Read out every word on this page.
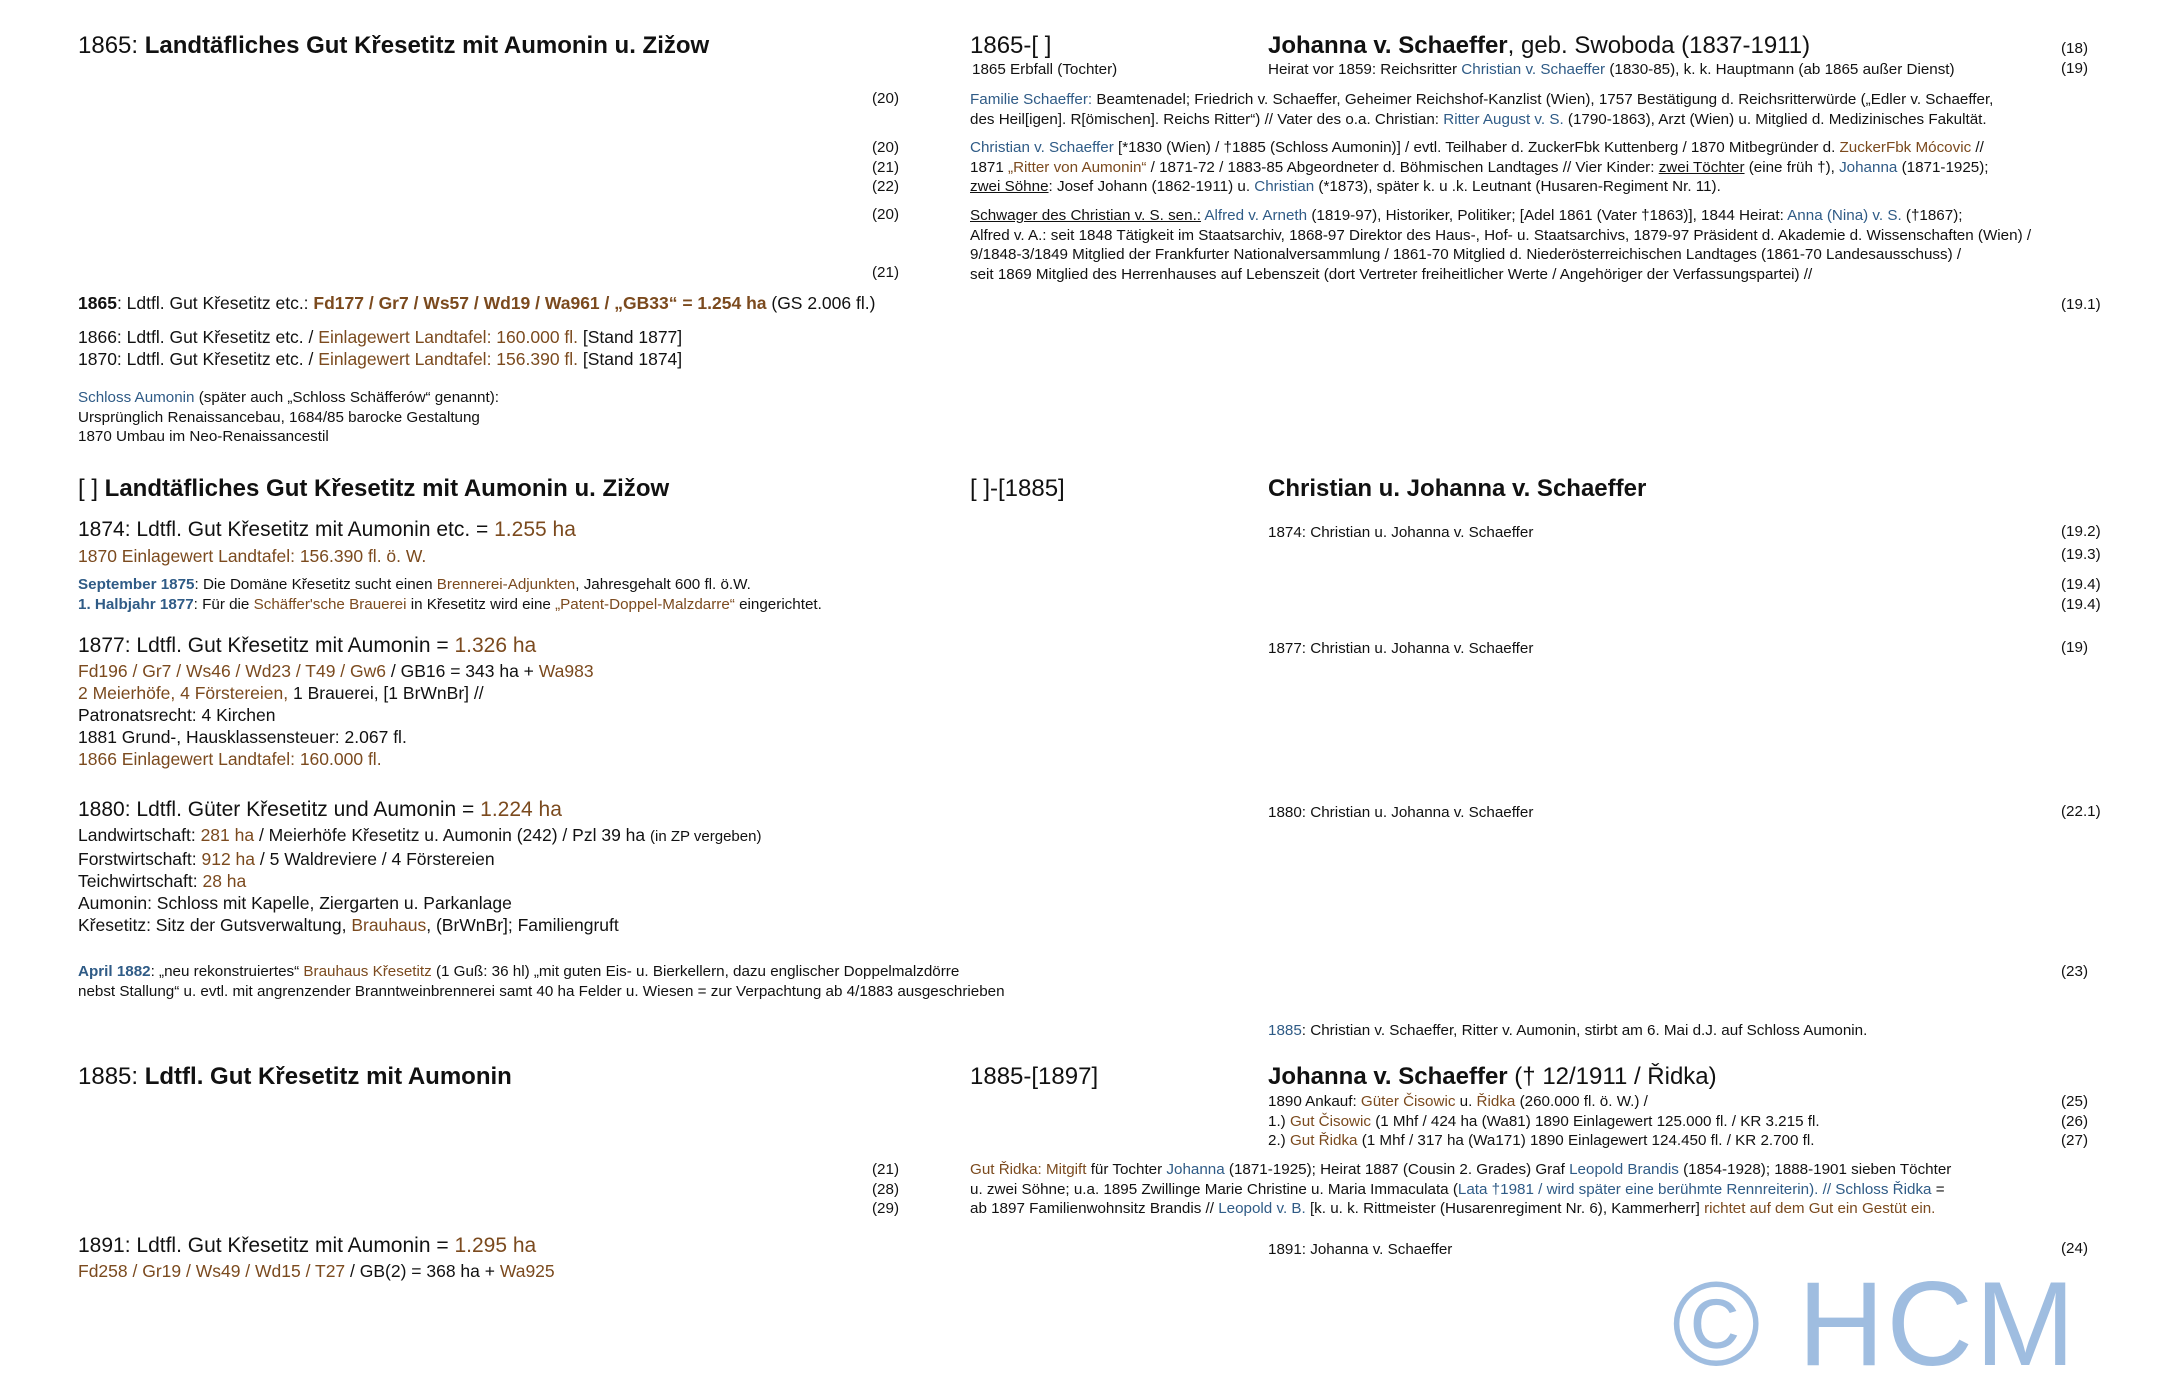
1865: Landtäfliches Gut Křesetitz mit Aumonin u. Zižow	1865-[ ]	Johanna v. Schaeffer, geb. Swoboda (1837-1911)	(18)
1865 Erbfall (Tochter)	Heirat vor 1859: Reichsritter Christian v. Schaeffer (1830-85), k. k. Hauptmann (ab 1865 außer Dienst)	(19)
(20)	Familie Schaeffer: Beamtenadel; Friedrich v. Schaeffer, Geheimer Reichshof-Kanzlist (Wien), 1757 Bestätigung d. Reichsritterwürde („Edler v. Schaeffer,
des Heil[igen]. R[ömischen]. Reichs Ritter“) // Vater des o.a. Christian: Ritter August v. S. (1790-1863), Arzt (Wien) u. Mitglied d. Medizinisches Fakultät.
(20)
(21)
(22)
Christian v. Schaeffer [*1830 (Wien) / †1885 (Schloss Aumonin)] / evtl. Teilhaber d. ZuckerFbk Kuttenberg / 1870 Mitbegründer d. ZuckerFbk Mócovic //
1871 „Ritter von Aumonin“ / 1871-72 / 1883-85 Abgeordneter d. Böhmischen Landtages // Vier Kinder: zwei Töchter (eine früh †), Johanna (1871-1925);
zwei Söhne: Josef Johann (1862-1911) u. Christian (*1873), später k. u .k. Leutnant (Husaren-Regiment Nr. 11).
(20)
(21)
Schwager des Christian v. S. sen.: Alfred v. Arneth (1819-97), Historiker, Politiker; [Adel 1861 (Vater †1863)], 1844 Heirat: Anna (Nina) v. S. (†1867);
Alfred v. A.: seit 1848 Tätigkeit im Staatsarchiv, 1868-97 Direktor des Haus-, Hof- u. Staatsarchivs, 1879-97 Präsident d. Akademie d. Wissenschaften (Wien) /
9/1848-3/1849 Mitglied der Frankfurter Nationalversammlung / 1861-70 Mitglied d. Niederösterreichischen Landtages (1861-70 Landesausschuss) /
seit 1869 Mitglied des Herrenhauses auf Lebenszeit (dort Vertreter freiheitlicher Werte / Angehöriger der Verfassungspartei) //
1865: Ldtfl. Gut Křesetitz etc.: Fd177 / Gr7 / Ws57 / Wd19 / Wa961 / „GB33“ = 1.254 ha (GS 2.006 fl.)	(19.1)
1866: Ldtfl. Gut Křesetitz etc. / Einlagewert Landtafel: 160.000 fl. [Stand 1877]
1870: Ldtfl. Gut Křesetitz etc. / Einlagewert Landtafel: 156.390 fl. [Stand 1874]
Schloss Aumonin (später auch „Schloss Schäfferów“ genannt):
Ursprünglich Renaissancebau, 1684/85 barocke Gestaltung
1870 Umbau im Neo-Renaissancestil
[ ] Landtäfliches Gut Křesetitz mit Aumonin u. Zižow	[ ]-[1885]	Christian u. Johanna v. Schaeffer
1874: Ldtfl. Gut Křesetitz mit Aumonin etc. = 1.255 ha
1870 Einlagewert Landtafel: 156.390 fl. ö. W.
1874: Christian u. Johanna v. Schaeffer	(19.2)
(19.3)
September 1875: Die Domäne Křesetitz sucht einen Brennerei-Adjunkten, Jahresgehalt 600 fl. ö.W.
1. Halbjahr 1877: Für die Schäffer'sche Brauerei in Křesetitz wird eine „Patent-Doppel-Malzdarre“ eingerichtet.
(19.4)
(19.4)
1877: Ldtfl. Gut Křesetitz mit Aumonin = 1.326 ha
Fd196 / Gr7 / Ws46 / Wd23 / T49 / Gw6 / GB16 = 343 ha + Wa983
2 Meierhöfe, 4 Förstereien, 1 Brauerei, [1 BrWnBr] //
Patronatsrecht: 4 Kirchen
1881 Grund-, Hausklassensteuer: 2.067 fl.
1866 Einlagewert Landtafel: 160.000 fl.
1877: Christian u. Johanna v. Schaeffer	(19)
1880: Ldtfl. Güter Křesetitz und Aumonin = 1.224 ha
Landwirtschaft: 281 ha / Meierhöfe Křesetitz u. Aumonin (242) / Pzl 39 ha (in ZP vergeben)
Forstwirtschaft: 912 ha / 5 Waldreviere / 4 Förstereien
Teichwirtschaft: 28 ha
Aumonin: Schloss mit Kapelle, Ziergarten u. Parkanlage
Křesetitz: Sitz der Gutsverwaltung, Brauhaus, (BrWnBr]; Familiengruft
1880: Christian u. Johanna v. Schaeffer	(22.1)
April 1882: „neu rekonstruiertes“ Brauhaus Křesetitz (1 Guß: 36 hl) „mit guten Eis- u. Bierkellern, dazu englischer Doppelmalzdörre
nebst Stallung“ u. evtl. mit angrenzender Branntweinbrennerei samt 40 ha Felder u. Wiesen = zur Verpachtung ab 4/1883 ausgeschrieben
(23)
1885: Christian v. Schaeffer, Ritter v. Aumonin, stirbt am 6. Mai d.J. auf Schloss Aumonin.
1885: Ldtfl. Gut Křesetitz mit Aumonin	1885-[1897]	Johanna v. Schaeffer († 12/1911 / Řidka)
1890 Ankauf: Güter Čisowic u. Řidka (260.000 fl. ö. W.) /
1.) Gut Čisowic (1 Mhf / 424 ha (Wa81) 1890 Einlagewert 125.000 fl. / KR 3.215 fl.
2.) Gut Řidka (1 Mhf / 317 ha (Wa171) 1890 Einlagewert 124.450 fl. / KR 2.700 fl.
(25)
(26)
(27)
(21)
(28)
(29)
Gut Řidka: Mitgift für Tochter Johanna (1871-1925); Heirat 1887 (Cousin 2. Grades) Graf Leopold Brandis (1854-1928); 1888-1901 sieben Töchter
u. zwei Söhne; u.a. 1895 Zwillinge Marie Christine u. Maria Immaculata (Lata †1981 / wird später eine berühmte Rennreiterin). // Schloss Řidka =
ab 1897 Familienwohnsitz Brandis // Leopold v. B. [k. u. k. Rittmeister (Husarenregiment Nr. 6), Kammerherr] richtet auf dem Gut ein Gestüt ein.
1891: Ldtfl. Gut Křesetitz mit Aumonin = 1.295 ha
Fd258 / Gr19 / Ws49 / Wd15 / T27 / GB(2) = 368 ha + Wa925
1891: Johanna v. Schaeffer	(24)
© HCM
